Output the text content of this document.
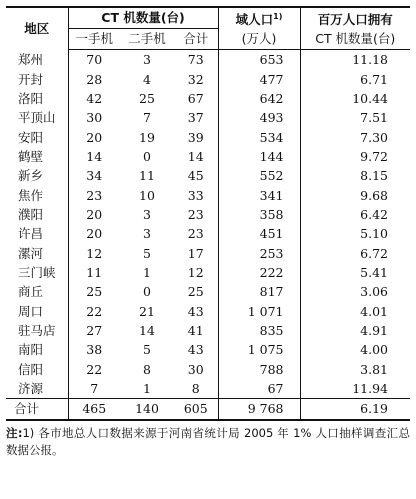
地区	CT 机数量(台)			域人口$^{1)}$	百万人口拥有
	一手机	二手机	合计	(万人)	CT 机数量(台)
郑州	70	3	73	653	11.18
开封	28	4	32	477	6.71
洛阳	42	25	67	642	10.44
平顶山	30	7	37	493	7.51
安阳	20	19	39	534	7.30
鹤壁	14	0	14	144	9.72
新乡	34	11	45	552	8.15
焦作	23	10	33	341	9.68
濮阳	20	3	23	358	6.42
许昌	20	3	23	451	5.10
漯河	12	5	17	253	6.72
三门峡	11	1	12	222	5.41
商丘	25	0	25	817	3.06
周口	22	21	43	1 071	4.01
驻马店	27	14	41	835	4.91
南阳	38	5	43	1 075	4.00
信阳	22	8	30	788	3.81
济源	7	1	8	67	11.94
合计	465	140	605	9 768	6.19
注:1) 各市地总人口数据来源于河南省统计局 2005 年 1% 人口抽样调查汇总数据公报。
